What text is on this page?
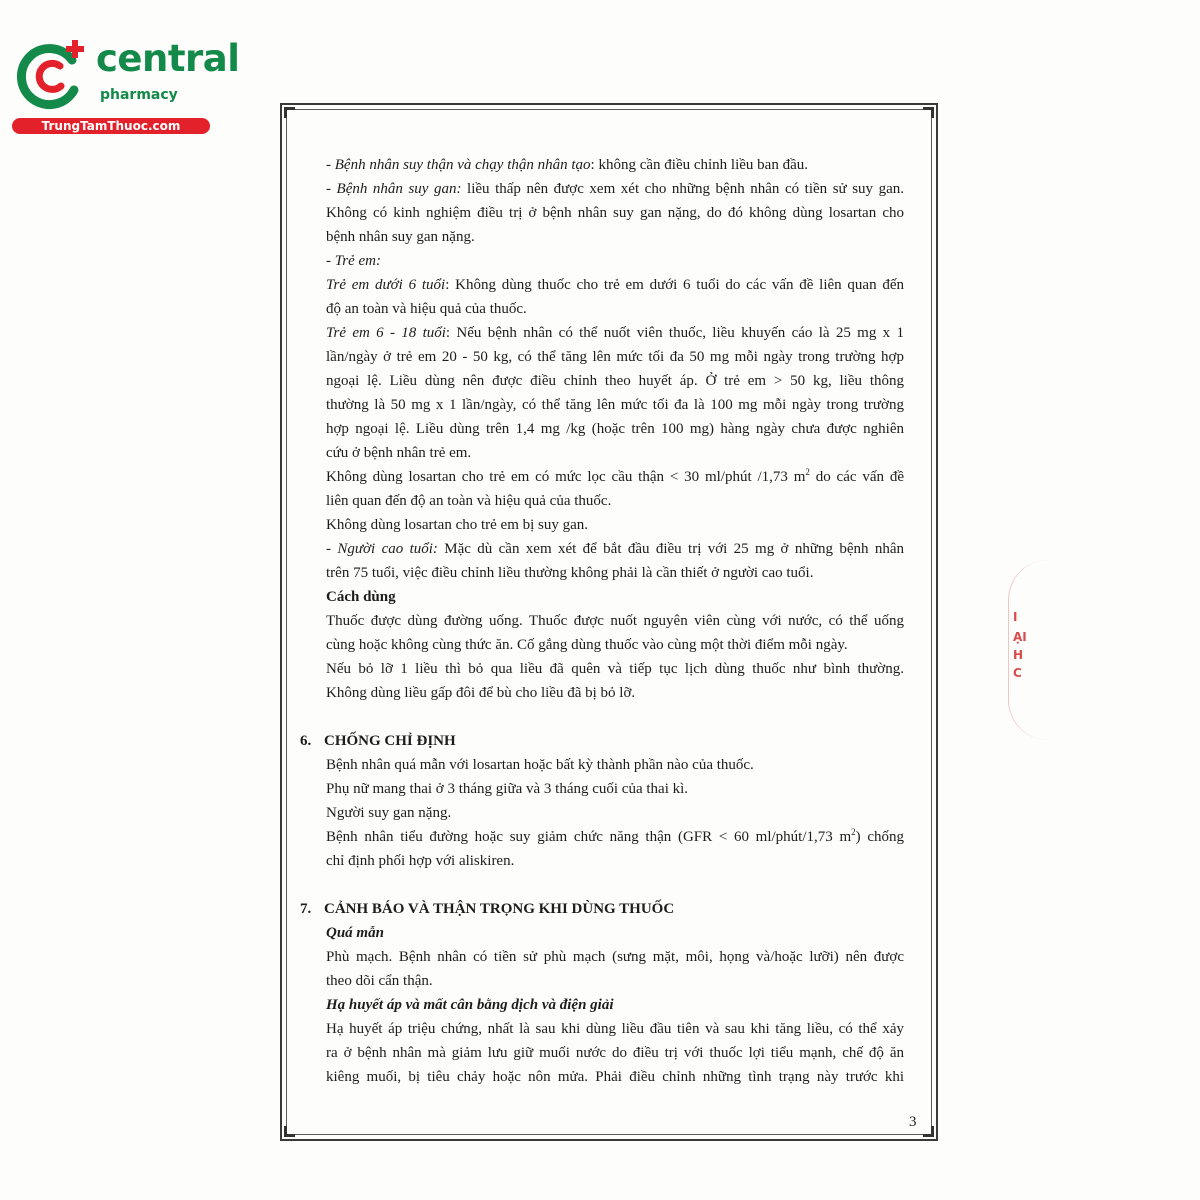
central
pharmacy
TrungTamThuoc.com
- Bệnh nhân suy thận và chạy thận nhân tạo: không cần điều chỉnh liều ban đầu.
- Bệnh nhân suy gan: liều thấp nên được xem xét cho những bệnh nhân có tiền sử suy gan.
Không có kinh nghiệm điều trị ở bệnh nhân suy gan nặng, do đó không dùng losartan cho
bệnh nhân suy gan nặng.
- Trẻ em:
Trẻ em dưới 6 tuổi: Không dùng thuốc cho trẻ em dưới 6 tuổi do các vấn đề liên quan đến
độ an toàn và hiệu quả của thuốc.
Trẻ em 6 - 18 tuổi: Nếu bệnh nhân có thể nuốt viên thuốc, liều khuyến cáo là 25 mg x 1
lần/ngày ở trẻ em 20 - 50 kg, có thể tăng lên mức tối đa 50 mg mỗi ngày trong trường hợp
ngoại lệ. Liều dùng nên được điều chỉnh theo huyết áp. Ở trẻ em > 50 kg, liều thông
thường là 50 mg x 1 lần/ngày, có thể tăng lên mức tối đa là 100 mg mỗi ngày trong trường
hợp ngoại lệ. Liều dùng trên 1,4 mg /kg (hoặc trên 100 mg) hàng ngày chưa được nghiên
cứu ở bệnh nhân trẻ em.
Không dùng losartan cho trẻ em có mức lọc cầu thận < 30 ml/phút /1,73 $m^2$ do các vấn đề
liên quan đến độ an toàn và hiệu quả của thuốc.
Không dùng losartan cho trẻ em bị suy gan.
- Người cao tuổi: Mặc dù cần xem xét để bắt đầu điều trị với 25 mg ở những bệnh nhân
trên 75 tuổi, việc điều chỉnh liều thường không phải là cần thiết ở người cao tuổi.
Cách dùng
Thuốc được dùng đường uống. Thuốc được nuốt nguyên viên cùng với nước, có thể uống
cùng hoặc không cùng thức ăn. Cố gắng dùng thuốc vào cùng một thời điểm mỗi ngày.
Nếu bỏ lỡ 1 liều thì bỏ qua liều đã quên và tiếp tục lịch dùng thuốc như bình thường.
Không dùng liều gấp đôi để bù cho liều đã bị bỏ lỡ.
6. CHỐNG CHỈ ĐỊNH
Bệnh nhân quá mẫn với losartan hoặc bất kỳ thành phần nào của thuốc.
Phụ nữ mang thai ở 3 tháng giữa và 3 tháng cuối của thai kì.
Người suy gan nặng.
Bệnh nhân tiểu đường hoặc suy giảm chức năng thận (GFR < 60 ml/phút/1,73 $m^2$) chống
chỉ định phối hợp với aliskiren.
7. CẢNH BÁO VÀ THẬN TRỌNG KHI DÙNG THUỐC
Quá mẫn
Phù mạch. Bệnh nhân có tiền sử phù mạch (sưng mặt, môi, họng và/hoặc lưỡi) nên được
theo dõi cẩn thận.
Hạ huyết áp và mất cân bằng dịch và điện giải
Hạ huyết áp triệu chứng, nhất là sau khi dùng liều đầu tiên và sau khi tăng liều, có thể xảy
ra ở bệnh nhân mà giảm lưu giữ muối nước do điều trị với thuốc lợi tiểu mạnh, chế độ ăn
kiêng muối, bị tiêu chảy hoặc nôn mửa. Phải điều chỉnh những tình trạng này trước khi
3
I
ẠI
H
C
